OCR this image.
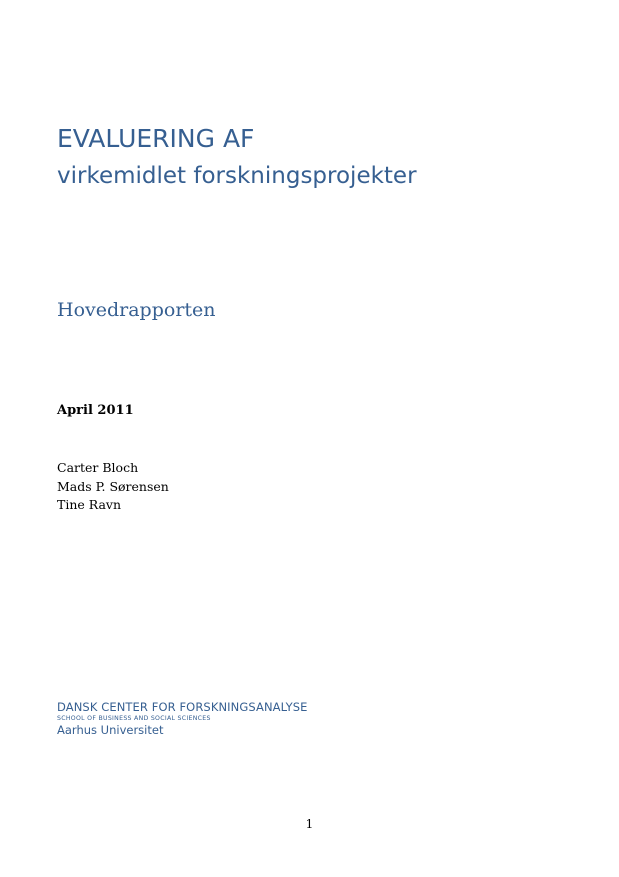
EVALUERING AF
virkemidlet forskningsprojekter
Hovedrapporten
April 2011
Carter Bloch
Mads P. Sørensen
Tine Ravn
DANSK CENTER FOR FORSKNINGSANALYSE
SCHOOL OF BUSINESS AND SOCIAL SCIENCES
Aarhus Universitet
1
